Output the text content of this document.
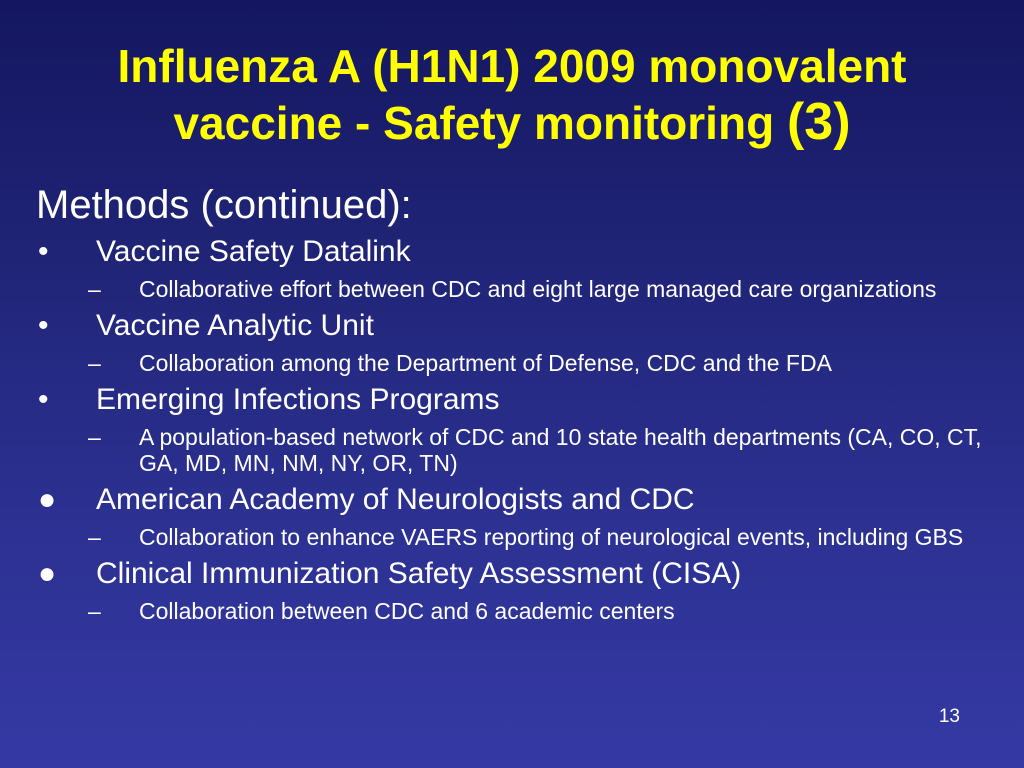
Influenza A (H1N1) 2009 monovalent vaccine - Safety monitoring (3)
Methods (continued):
• Vaccine Safety Datalink
– Collaborative effort between CDC and eight large managed care organizations
• Vaccine Analytic Unit
– Collaboration among the Department of Defense, CDC and the FDA
• Emerging Infections Programs
– A population-based network of CDC and 10 state health departments (CA, CO, CT, GA, MD, MN, NM, NY, OR, TN)
● American Academy of Neurologists and CDC
– Collaboration to enhance VAERS reporting of neurological events, including GBS
● Clinical Immunization Safety Assessment (CISA)
– Collaboration between CDC and 6 academic centers
13
